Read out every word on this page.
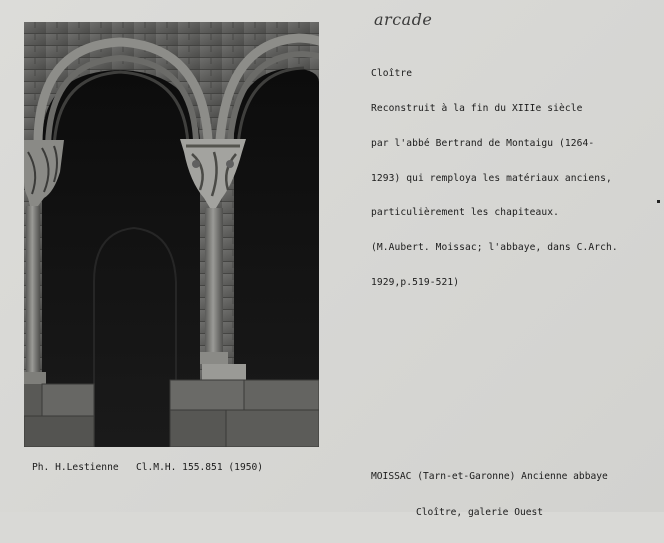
arcade

Cloître

Reconstruit à la fin du XIIIe siècle

par l'abbé Bertrand de Montaigu (1264-

1293) qui remploya les matériaux anciens,

particulièrement les chapiteaux.

(M.Aubert. Moissac; l'abbaye, dans C.Arch.

1929,p.519-521)

Ph. H.Lestienne Cl.M.H. 155.851 (1950)

MOISSAC (Tarn-et-Garonne) Ancienne abbaye

Cloître, galerie Ouest
